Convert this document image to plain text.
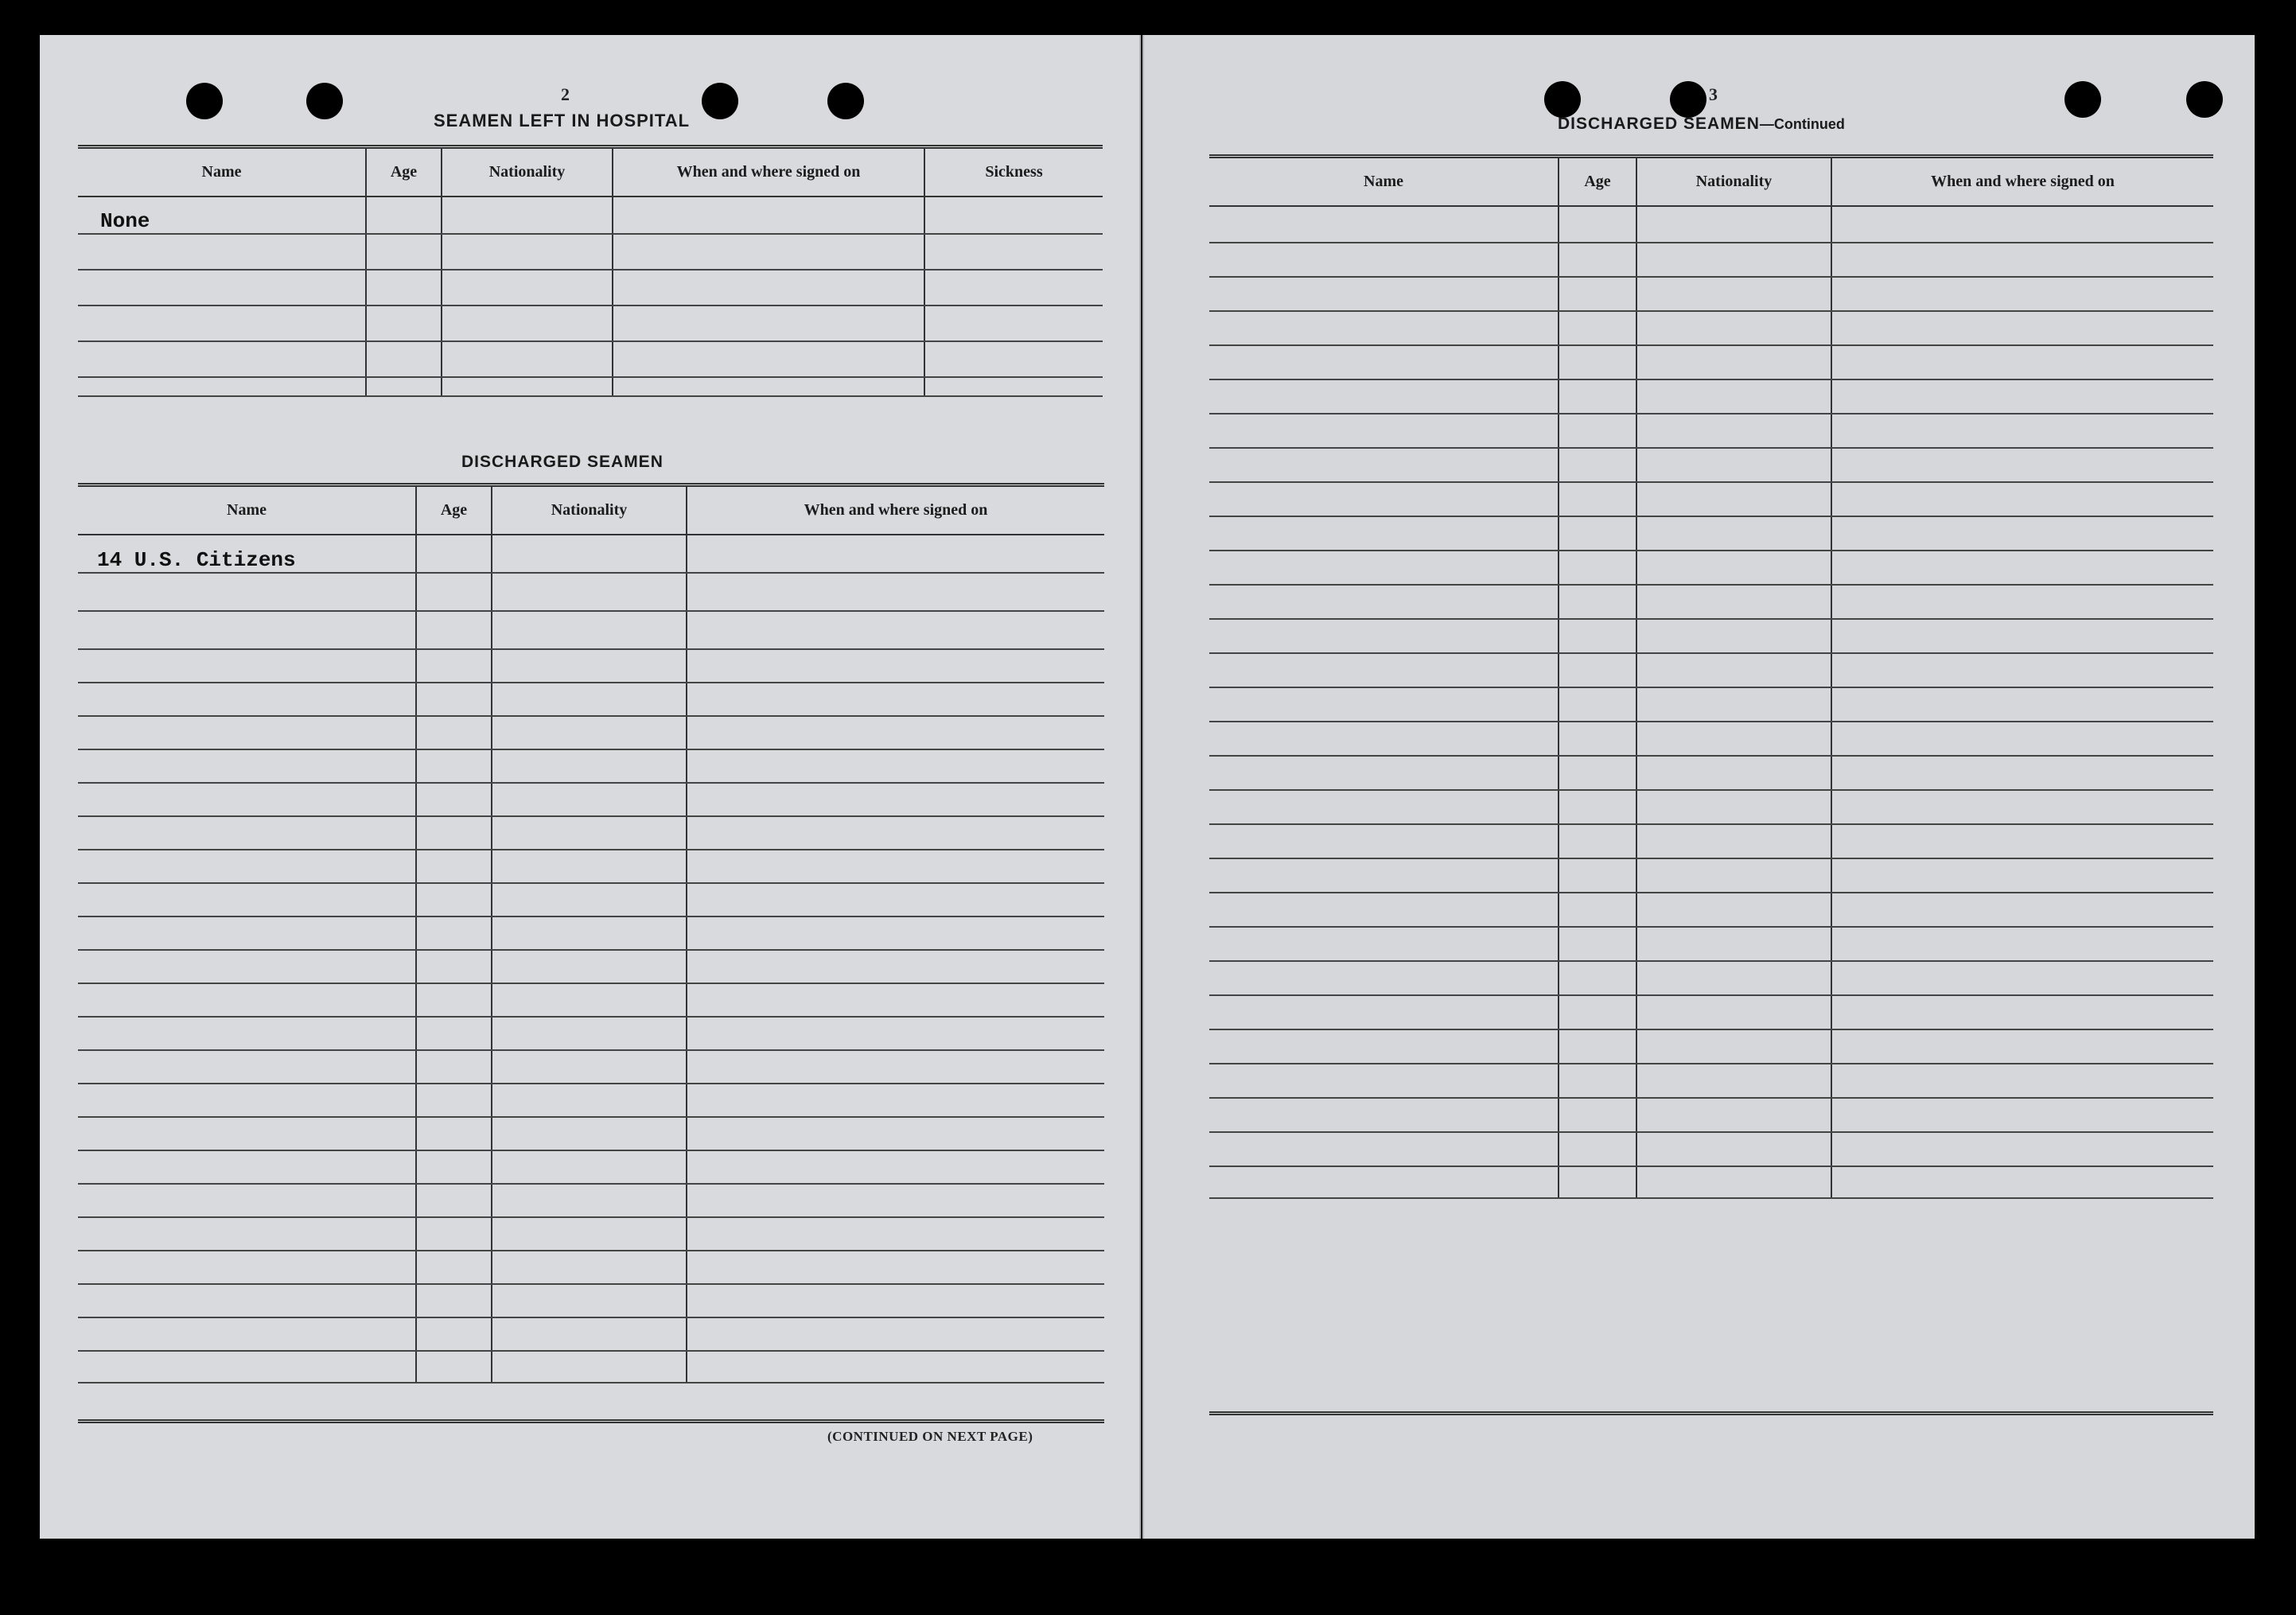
2
SEAMEN LEFT IN HOSPITAL
Name	Age	Nationality	When and where signed on	Sickness
None				

DISCHARGED SEAMEN
Name	Age	Nationality	When and where signed on
14 U.S. Citizens			

(CONTINUED ON NEXT PAGE)
3
DISCHARGED SEAMEN—Continued
Name	Age	Nationality	When and where signed on
